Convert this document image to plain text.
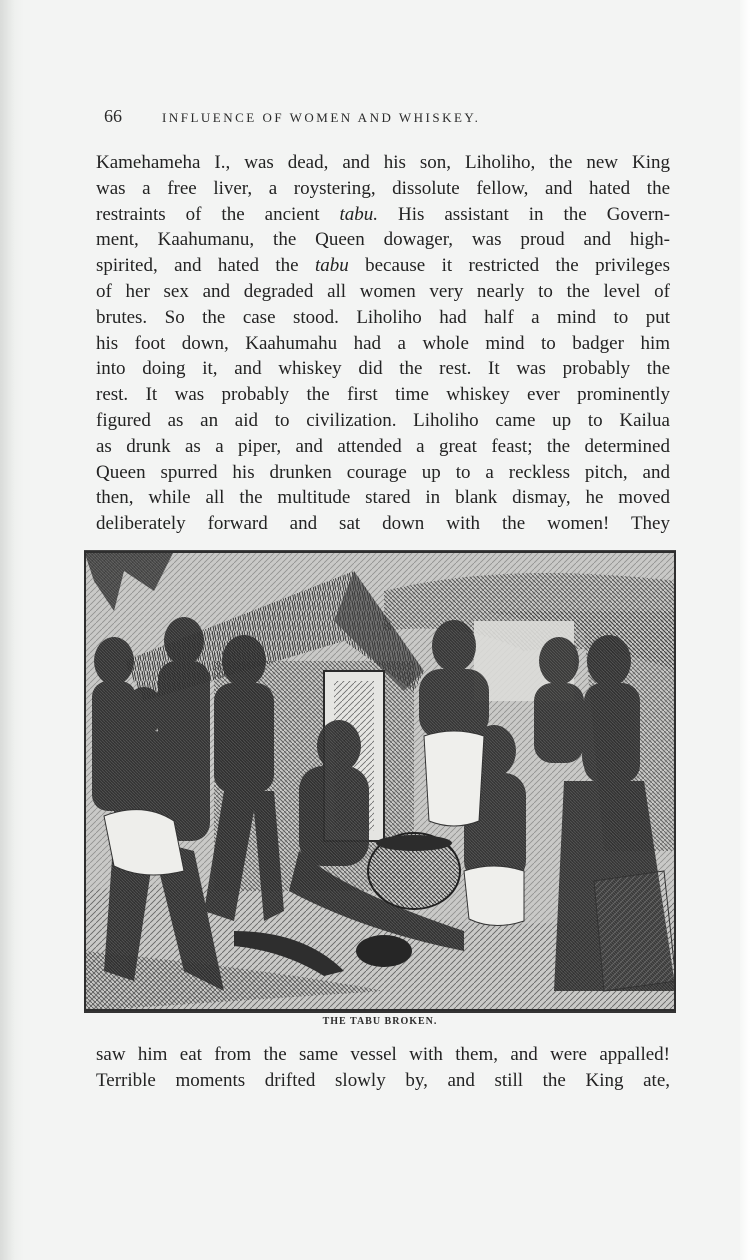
66	INFLUENCE OF WOMEN AND WHISKEY.
Kamehameha I., was dead, and his son, Liholiho, the new King
was a free liver, a roystering, dissolute fellow, and hated the
restraints of the ancient tabu. His assistant in the Govern-
ment, Kaahumanu, the Queen dowager, was proud and high-
spirited, and hated the tabu because it restricted the privileges
of her sex and degraded all women very nearly to the level of
brutes. So the case stood. Liholiho had half a mind to put
his foot down, Kaahumahu had a whole mind to badger him
into doing it, and whiskey did the rest. It was probably the
rest. It was probably the first time whiskey ever prominently
figured as an aid to civilization. Liholiho came up to Kailua
as drunk as a piper, and attended a great feast; the determined
Queen spurred his drunken courage up to a reckless pitch, and
then, while all the multitude stared in blank dismay, he moved
deliberately forward and sat down with the women! They
THE TABU BROKEN.
saw him eat from the same vessel with them, and were appalled!
Terrible moments drifted slowly by, and still the King ate,
